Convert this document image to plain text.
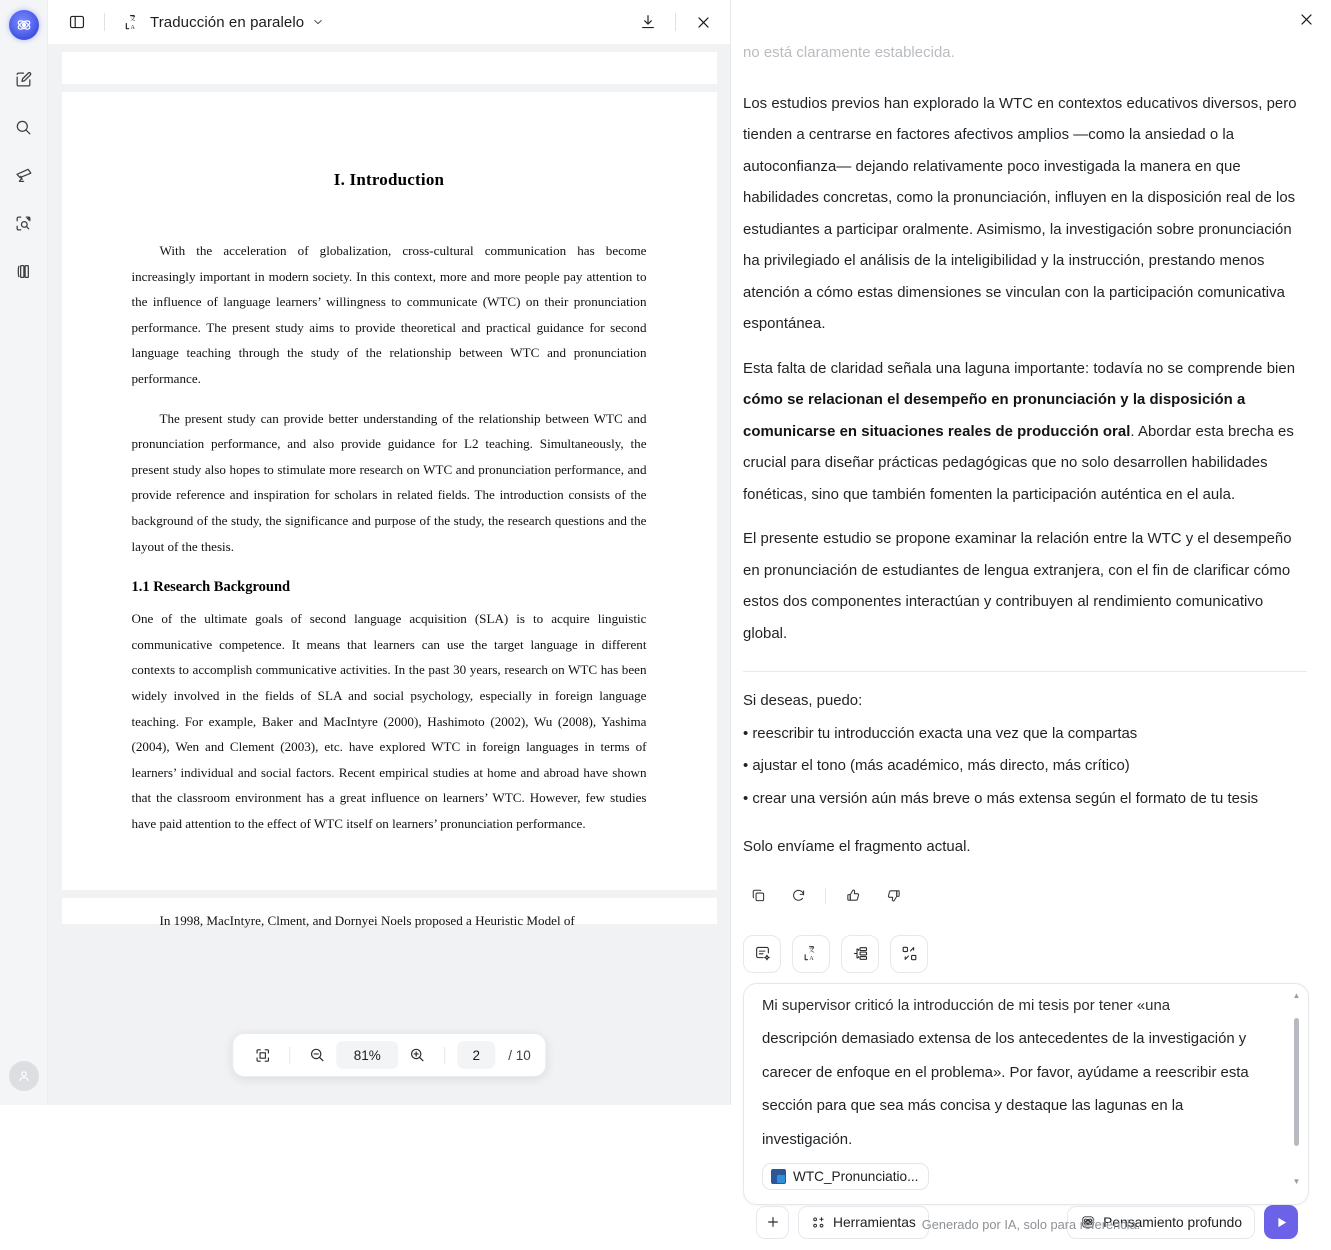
文
A Traducción en paralelo
I. Introduction

With the acceleration of globalization, cross-cultural communication has become increasingly important in modern society. In this context, more and more people pay attention to the influence of language learners’ willingness to communicate (WTC) on their pronunciation performance. The present study aims to provide theoretical and practical guidance for second language teaching through the study of the relationship between WTC and pronunciation performance.

The present study can provide better understanding of the relationship between WTC and pronunciation performance, and also provide guidance for L2 teaching. Simultaneously, the present study also hopes to stimulate more research on WTC and pronunciation performance, and provide reference and inspiration for scholars in related fields. The introduction consists of the background of the study, the significance and purpose of the study, the research questions and the layout of the thesis.

1.1 Research Background

One of the ultimate goals of second language acquisition (SLA) is to acquire linguistic communicative competence. It means that learners can use the target language in different contexts to accomplish communicative activities. In the past 30 years, research on WTC has been widely involved in the fields of SLA and social psychology, especially in foreign language teaching. For example, Baker and MacIntyre (2000), Hashimoto (2002), Wu (2008), Yashima (2004), Wen and Clement (2003), etc. have explored WTC in foreign languages in terms of learners’ individual and social factors. Recent empirical studies at home and abroad have shown that the classroom environment has a great influence on learners’ WTC. However, few studies have paid attention to the effect of WTC itself on learners’ pronunciation performance.

In 1998, MacIntyre, Clment, and Dornyei Noels proposed a Heuristic Model of

81%	2	/ 10

no está claramente establecida.

Los estudios previos han explorado la WTC en contextos educativos diversos, pero tienden a centrarse en factores afectivos amplios —como la ansiedad o la autoconfianza— dejando relativamente poco investigada la manera en que habilidades concretas, como la pronunciación, influyen en la disposición real de los estudiantes a participar oralmente. Asimismo, la investigación sobre pronunciación ha privilegiado el análisis de la inteligibilidad y la instrucción, prestando menos atención a cómo estas dimensiones se vinculan con la participación comunicativa espontánea.

Esta falta de claridad señala una laguna importante: todavía no se comprende bien cómo se relacionan el desempeño en pronunciación y la disposición a comunicarse en situaciones reales de producción oral. Abordar esta brecha es crucial para diseñar prácticas pedagógicas que no solo desarrollen habilidades fonéticas, sino que también fomenten la participación auténtica en el aula.

El presente estudio se propone examinar la relación entre la WTC y el desempeño en pronunciación de estudiantes de lengua extranjera, con el fin de clarificar cómo estos dos componentes interactúan y contribuyen al rendimiento comunicativo global.

Si deseas, puedo:
• reescribir tu introducción exacta una vez que la compartas
• ajustar el tono (más académico, más directo, más crítico)
• crear una versión aún más breve o más extensa según el formato de tu tesis

Solo envíame el fragmento actual.

文
A
Mi supervisor criticó la introducción de mi tesis por tener «una
descripción demasiado extensa de los antecedentes de la investigación y
carecer de enfoque en el problema». Por favor, ayúdame a reescribir esta
sección para que sea más concisa y destaque las lagunas en la
investigación.
WTC_Pronunciatio...
▲
▼
Herramientas	Pensamiento profundo
Generado por IA, solo para referencia.
